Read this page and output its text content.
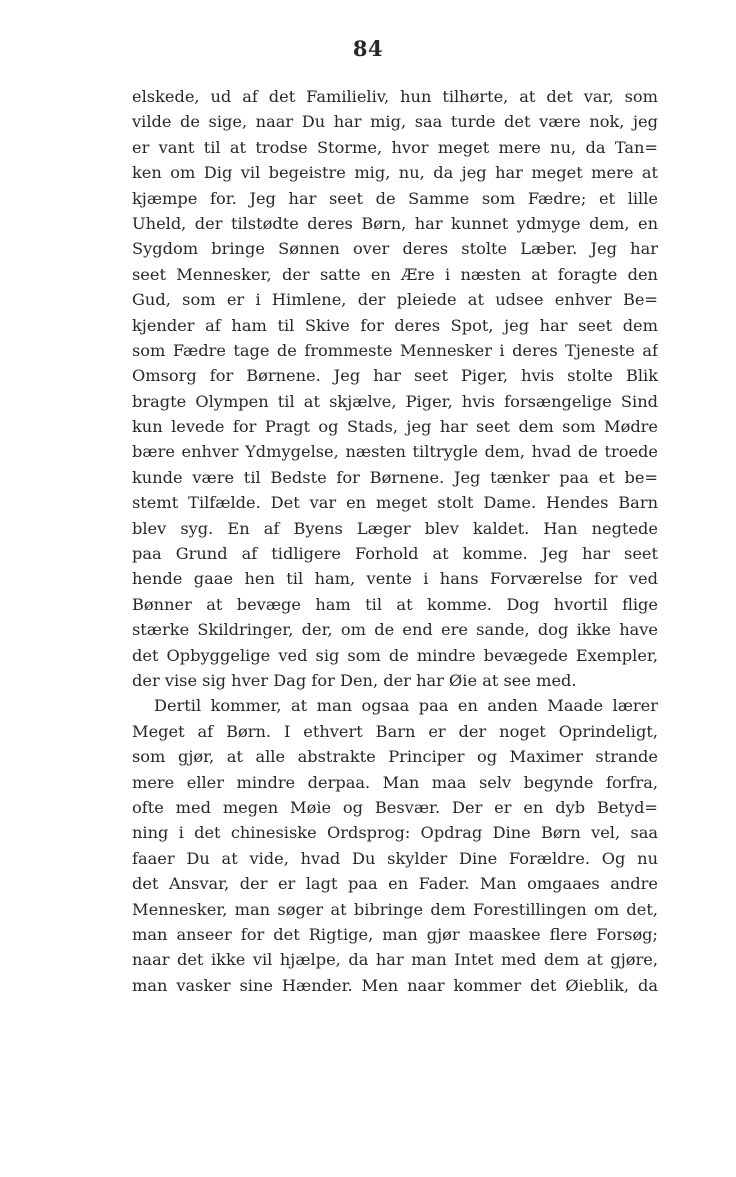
84
elskede, ud af det Familieliv, hun tilhørte, at det var, som
vilde de sige, naar Du har mig, saa turde det være nok, jeg
er vant til at trodse Storme, hvor meget mere nu, da Tan=
ken om Dig vil begeistre mig, nu, da jeg har meget mere at
kjæmpe for. Jeg har seet de Samme som Fædre; et lille
Uheld, der tilstødte deres Børn, har kunnet ydmyge dem, en
Sygdom bringe Sønnen over deres stolte Læber. Jeg har
seet Mennesker, der satte en Ære i næsten at foragte den
Gud, som er i Himlene, der pleiede at udsee enhver Be=
kjender af ham til Skive for deres Spot, jeg har seet dem
som Fædre tage de frommeste Mennesker i deres Tjeneste af
Omsorg for Børnene. Jeg har seet Piger, hvis stolte Blik
bragte Olympen til at skjælve, Piger, hvis forsængelige Sind
kun levede for Pragt og Stads, jeg har seet dem som Mødre
bære enhver Ydmygelse, næsten tiltrygle dem, hvad de troede
kunde være til Bedste for Børnene. Jeg tænker paa et be=
stemt Tilfælde. Det var en meget stolt Dame. Hendes Barn
blev syg. En af Byens Læger blev kaldet. Han negtede
paa Grund af tidligere Forhold at komme. Jeg har seet
hende gaae hen til ham, vente i hans Forværelse for ved
Bønner at bevæge ham til at komme. Dog hvortil flige
stærke Skildringer, der, om de end ere sande, dog ikke have
det Opbyggelige ved sig som de mindre bevægede Exempler,
der vise sig hver Dag for Den, der har Øie at see med.
Dertil kommer, at man ogsaa paa en anden Maade lærer
Meget af Børn. I ethvert Barn er der noget Oprindeligt,
som gjør, at alle abstrakte Principer og Maximer strande
mere eller mindre derpaa. Man maa selv begynde forfra,
ofte med megen Møie og Besvær. Der er en dyb Betyd=
ning i det chinesiske Ordsprog: Opdrag Dine Børn vel, saa
faaer Du at vide, hvad Du skylder Dine Forældre. Og nu
det Ansvar, der er lagt paa en Fader. Man omgaaes andre
Mennesker, man søger at bibringe dem Forestillingen om det,
man anseer for det Rigtige, man gjør maaskee flere Forsøg;
naar det ikke vil hjælpe, da har man Intet med dem at gjøre,
man vasker sine Hænder. Men naar kommer det Øieblik, da
